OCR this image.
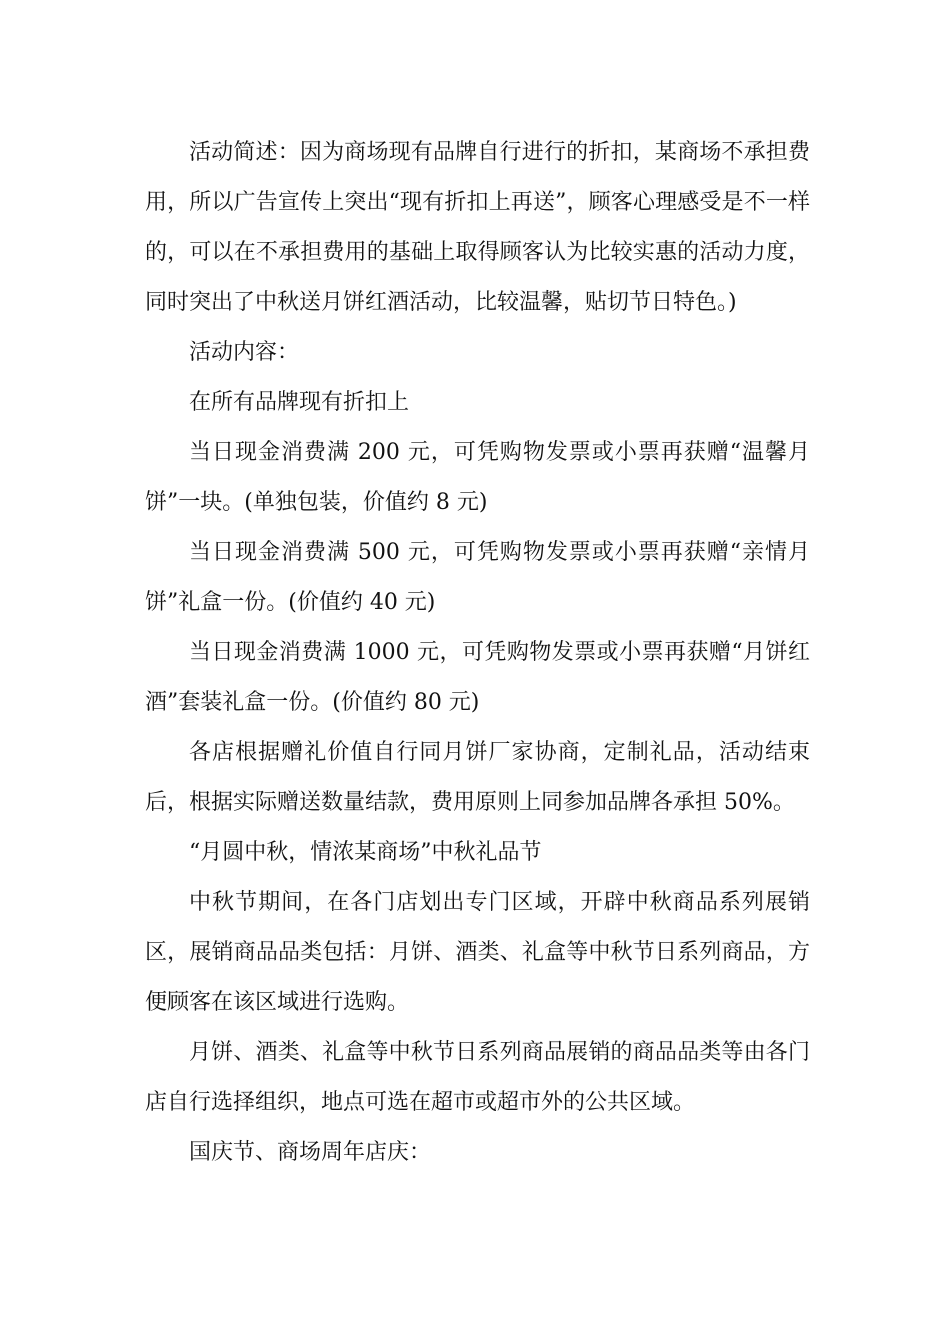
活动简述：因为商场现有品牌自行进行的折扣，某商场不承担费用，所以广告宣传上突出“现有折扣上再送”，顾客心理感受是不一样的，可以在不承担费用的基础上取得顾客认为比较实惠的活动力度，同时突出了中秋送月饼红酒活动，比较温馨，贴切节日特色。)

活动内容：

在所有品牌现有折扣上

当日现金消费满 200 元，可凭购物发票或小票再获赠“温馨月饼”一块。(单独包装，价值约 8 元)

当日现金消费满 500 元，可凭购物发票或小票再获赠“亲情月饼”礼盒一份。(价值约 40 元)

当日现金消费满 1000 元，可凭购物发票或小票再获赠“月饼红酒”套装礼盒一份。(价值约 80 元)

各店根据赠礼价值自行同月饼厂家协商，定制礼品，活动结束后，根据实际赠送数量结款，费用原则上同参加品牌各承担 50%。

“月圆中秋，情浓某商场”中秋礼品节

中秋节期间，在各门店划出专门区域，开辟中秋商品系列展销区，展销商品品类包括：月饼、酒类、礼盒等中秋节日系列商品，方便顾客在该区域进行选购。

月饼、酒类、礼盒等中秋节日系列商品展销的商品品类等由各门店自行选择组织，地点可选在超市或超市外的公共区域。

国庆节、商场周年店庆：
